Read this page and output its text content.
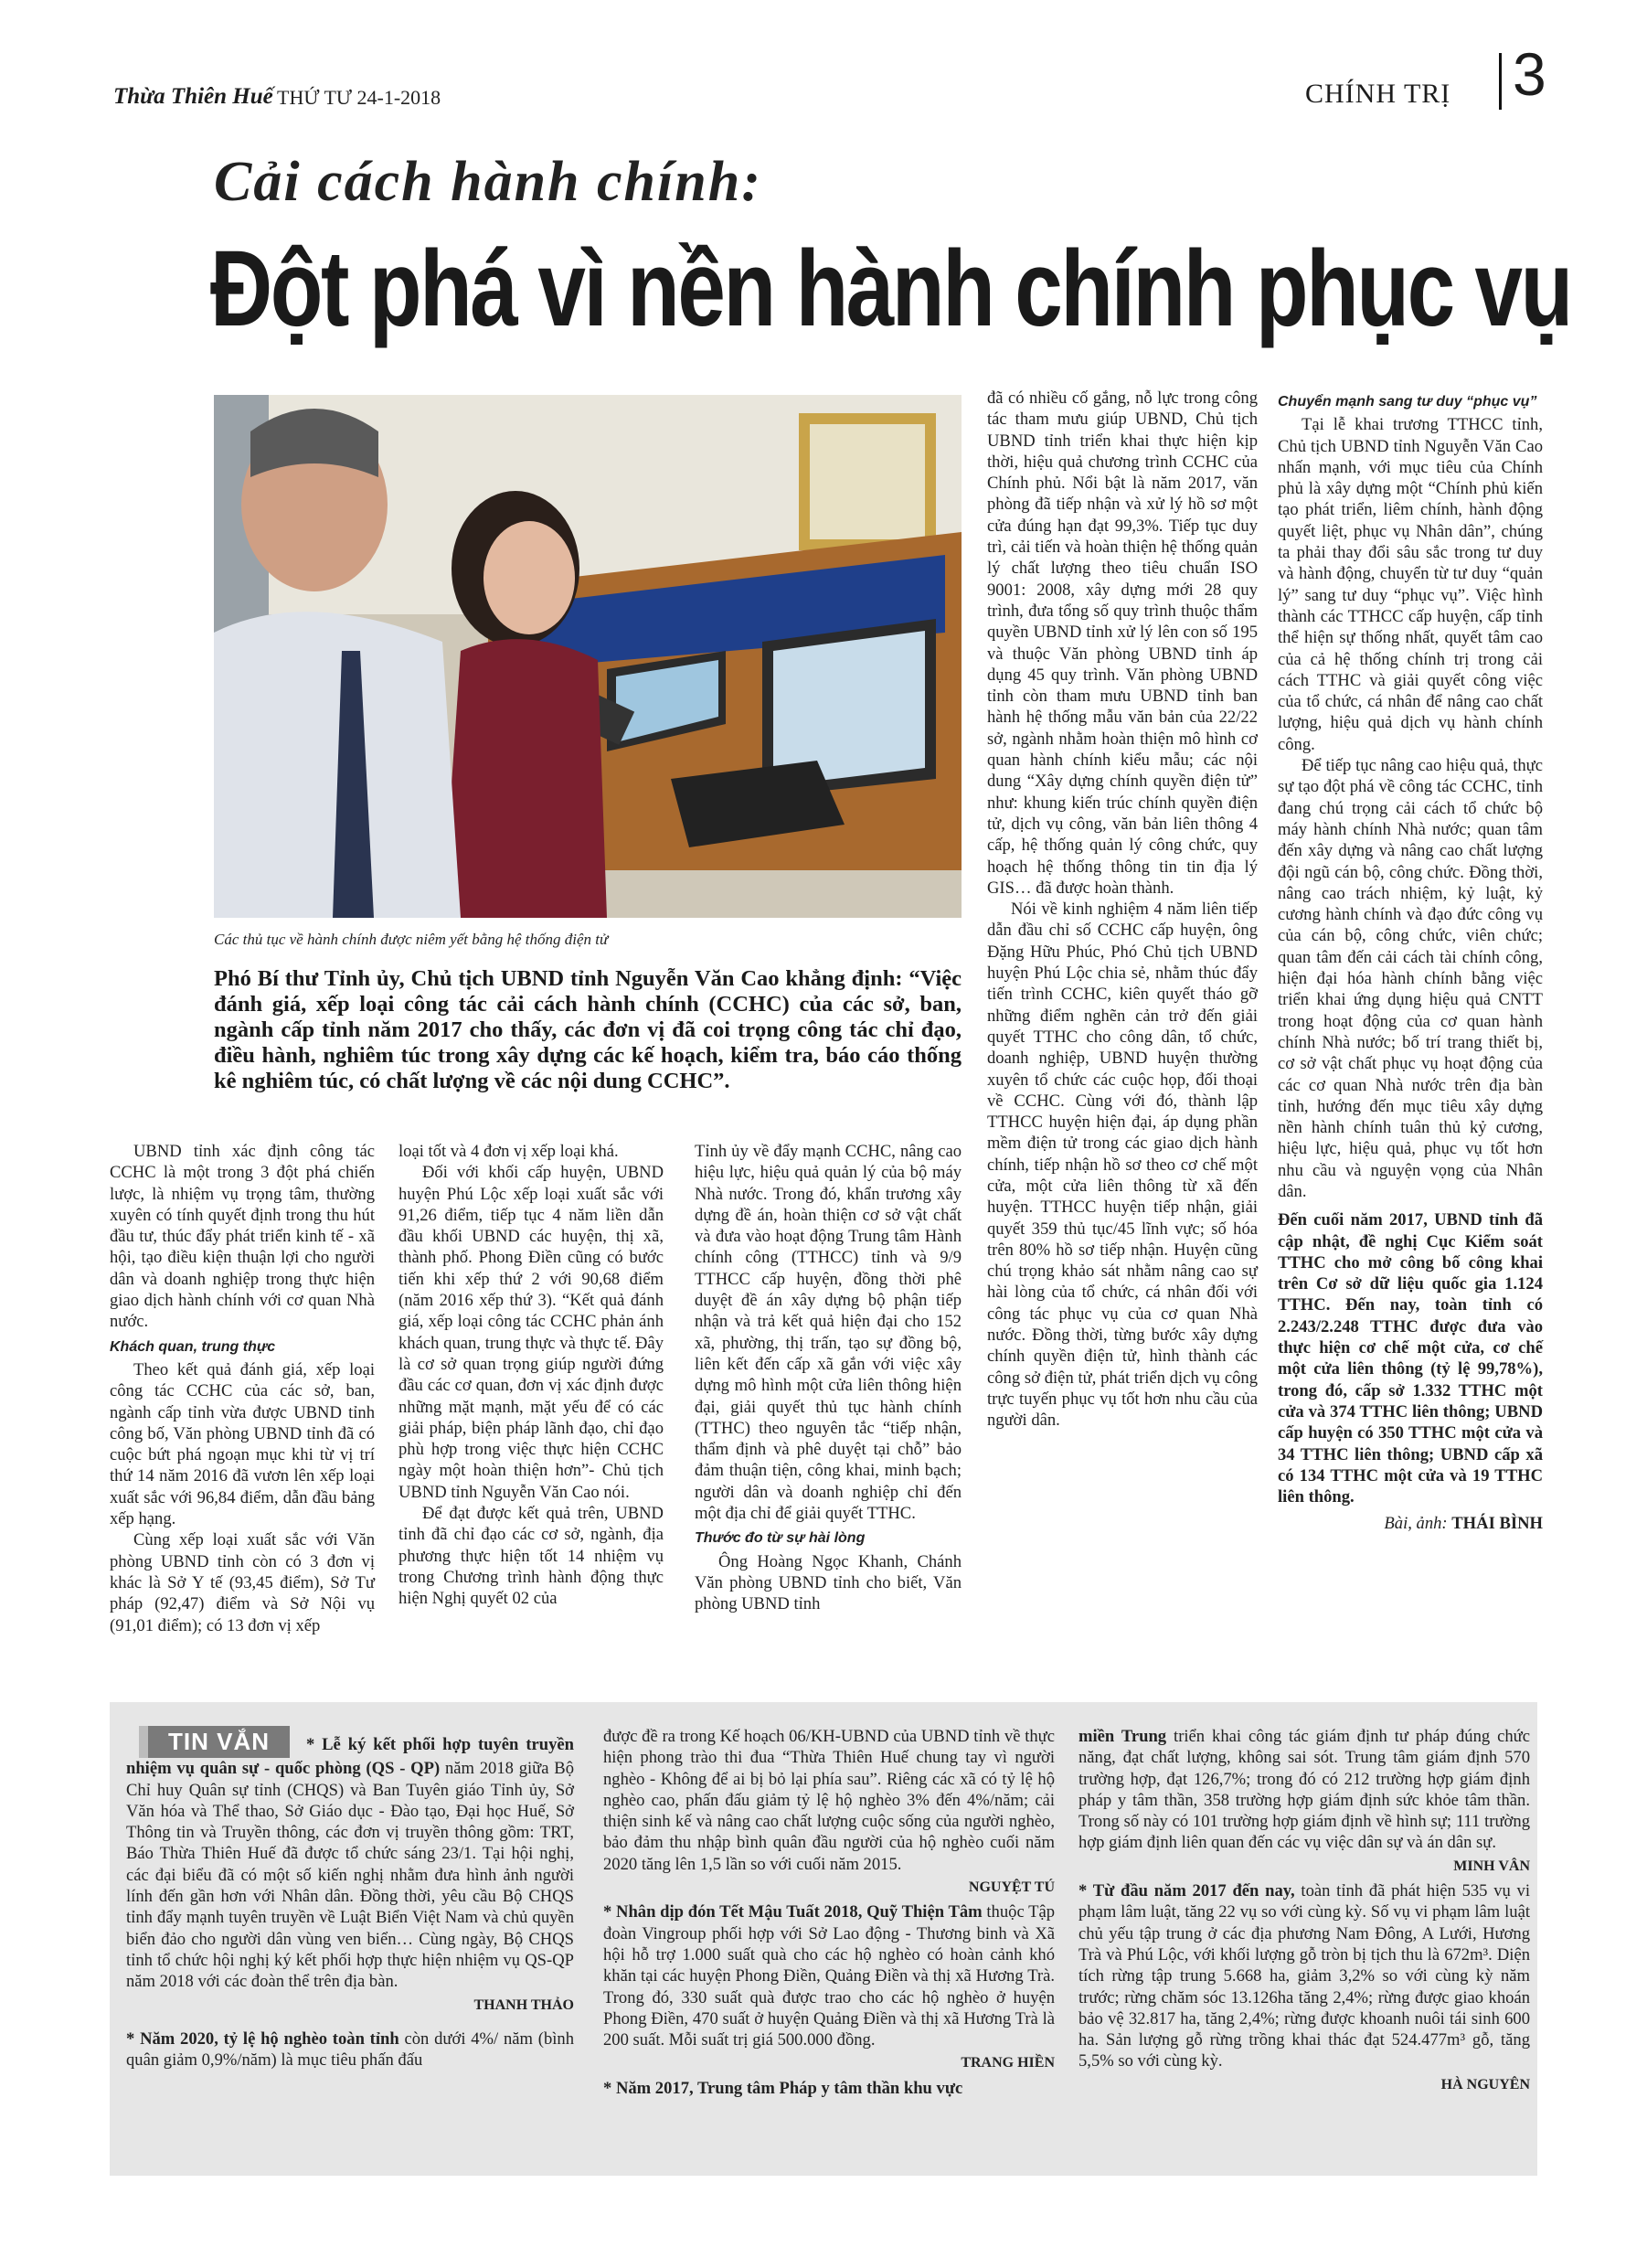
Thừa Thiên Huế THỨ TƯ 24-1-2018	CHÍNH TRỊ 3
Cải cách hành chính:
Đột phá vì nền hành chính phục vụ
Các thủ tục về hành chính được niêm yết bằng hệ thống điện tử
Phó Bí thư Tỉnh ủy, Chủ tịch UBND tỉnh Nguyễn Văn Cao khẳng định: “Việc đánh giá, xếp loại công tác cải cách hành chính (CCHC) của các sở, ban, ngành cấp tỉnh năm 2017 cho thấy, các đơn vị đã coi trọng công tác chỉ đạo, điều hành, nghiêm túc trong xây dựng các kế hoạch, kiểm tra, báo cáo thống kê nghiêm túc, có chất lượng về các nội dung CCHC”.

UBND tỉnh xác định công tác CCHC là một trong 3 đột phá chiến lược, là nhiệm vụ trọng tâm, thường xuyên có tính quyết định trong thu hút đầu tư, thúc đẩy phát triển kinh tế - xã hội, tạo điều kiện thuận lợi cho người dân và doanh nghiệp trong thực hiện giao dịch hành chính với cơ quan Nhà nước.

Khách quan, trung thực

Theo kết quả đánh giá, xếp loại công tác CCHC của các sở, ban, ngành cấp tỉnh vừa được UBND tỉnh công bố, Văn phòng UBND tỉnh đã có cuộc bứt phá ngoạn mục khi từ vị trí thứ 14 năm 2016 đã vươn lên xếp loại xuất sắc với 96,84 điểm, dẫn đầu bảng xếp hạng.

Cùng xếp loại xuất sắc với Văn phòng UBND tỉnh còn có 3 đơn vị khác là Sở Y tế (93,45 điểm), Sở Tư pháp (92,47) điểm và Sở Nội vụ (91,01 điểm); có 13 đơn vị xếp

loại tốt và 4 đơn vị xếp loại khá.

Đối với khối cấp huyện, UBND huyện Phú Lộc xếp loại xuất sắc với 91,26 điểm, tiếp tục 4 năm liền dẫn đầu khối UBND các huyện, thị xã, thành phố. Phong Điền cũng có bước tiến khi xếp thứ 2 với 90,68 điểm (năm 2016 xếp thứ 3). “Kết quả đánh giá, xếp loại công tác CCHC phản ánh khách quan, trung thực và thực tế. Đây là cơ sở quan trọng giúp người đứng đầu các cơ quan, đơn vị xác định được những mặt mạnh, mặt yếu để có các giải pháp, biện pháp lãnh đạo, chỉ đạo phù hợp trong việc thực hiện CCHC ngày một hoàn thiện hơn”- Chủ tịch UBND tỉnh Nguyễn Văn Cao nói.

Để đạt được kết quả trên, UBND tỉnh đã chỉ đạo các cơ sở, ngành, địa phương thực hiện tốt 14 nhiệm vụ trong Chương trình hành động thực hiện Nghị quyết 02 của

Tỉnh ủy về đẩy mạnh CCHC, nâng cao hiệu lực, hiệu quả quản lý của bộ máy Nhà nước. Trong đó, khẩn trương xây dựng đề án, hoàn thiện cơ sở vật chất và đưa vào hoạt động Trung tâm Hành chính công (TTHCC) tỉnh và 9/9 TTHCC cấp huyện, đồng thời phê duyệt đề án xây dựng bộ phận tiếp nhận và trả kết quả hiện đại cho 152 xã, phường, thị trấn, tạo sự đồng bộ, liên kết đến cấp xã gắn với việc xây dựng mô hình một cửa liên thông hiện đại, giải quyết thủ tục hành chính (TTHC) theo nguyên tắc “tiếp nhận, thẩm định và phê duyệt tại chỗ” bảo đảm thuận tiện, công khai, minh bạch; người dân và doanh nghiệp chỉ đến một địa chỉ để giải quyết TTHC.

Thước đo từ sự hài lòng

Ông Hoàng Ngọc Khanh, Chánh Văn phòng UBND tỉnh cho biết, Văn phòng UBND tỉnh

đã có nhiều cố gắng, nỗ lực trong công tác tham mưu giúp UBND, Chủ tịch UBND tỉnh triển khai thực hiện kịp thời, hiệu quả chương trình CCHC của Chính phủ. Nổi bật là năm 2017, văn phòng đã tiếp nhận và xử lý hồ sơ một cửa đúng hạn đạt 99,3%. Tiếp tục duy trì, cải tiến và hoàn thiện hệ thống quản lý chất lượng theo tiêu chuẩn ISO 9001: 2008, xây dựng mới 28 quy trình, đưa tổng số quy trình thuộc thẩm quyền UBND tỉnh xử lý lên con số 195 và thuộc Văn phòng UBND tỉnh áp dụng 45 quy trình. Văn phòng UBND tỉnh còn tham mưu UBND tỉnh ban hành hệ thống mẫu văn bản của 22/22 sở, ngành nhằm hoàn thiện mô hình cơ quan hành chính kiểu mẫu; các nội dung “Xây dựng chính quyền điện tử” như: khung kiến trúc chính quyền điện tử, dịch vụ công, văn bản liên thông 4 cấp, hệ thống quản lý công chức, quy hoạch hệ thống thông tin tin địa lý GIS… đã được hoàn thành.

Nói về kinh nghiệm 4 năm liên tiếp dẫn đầu chỉ số CCHC cấp huyện, ông Đặng Hữu Phúc, Phó Chủ tịch UBND huyện Phú Lộc chia sẻ, nhằm thúc đẩy tiến trình CCHC, kiên quyết tháo gỡ những điểm nghẽn cản trở đến giải quyết TTHC cho công dân, tổ chức, doanh nghiệp, UBND huyện thường xuyên tổ chức các cuộc họp, đối thoại về CCHC. Cùng với đó, thành lập TTHCC huyện hiện đại, áp dụng phần mềm điện tử trong các giao dịch hành chính, tiếp nhận hồ sơ theo cơ chế một cửa, một cửa liên thông từ xã đến huyện. TTHCC huyện tiếp nhận, giải quyết 359 thủ tục/45 lĩnh vực; số hóa trên 80% hồ sơ tiếp nhận. Huyện cũng chú trọng khảo sát nhằm nâng cao sự hài lòng của tổ chức, cá nhân đối với công tác phục vụ của cơ quan Nhà nước. Đồng thời, từng bước xây dựng chính quyền điện tử, hình thành các công sở điện tử, phát triển dịch vụ công trực tuyến phục vụ tốt hơn nhu cầu của người dân.

Chuyển mạnh sang tư duy “phục vụ”

Tại lễ khai trương TTHCC tỉnh, Chủ tịch UBND tỉnh Nguyễn Văn Cao nhấn mạnh, với mục tiêu của Chính phủ là xây dựng một “Chính phủ kiến tạo phát triển, liêm chính, hành động quyết liệt, phục vụ Nhân dân”, chúng ta phải thay đổi sâu sắc trong tư duy và hành động, chuyển từ tư duy “quản lý” sang tư duy “phục vụ”. Việc hình thành các TTHCC cấp huyện, cấp tỉnh thể hiện sự thống nhất, quyết tâm cao của cả hệ thống chính trị trong cải cách TTHC và giải quyết công việc của tổ chức, cá nhân để nâng cao chất lượng, hiệu quả dịch vụ hành chính công.

Để tiếp tục nâng cao hiệu quả, thực sự tạo đột phá về công tác CCHC, tỉnh đang chú trọng cải cách tổ chức bộ máy hành chính Nhà nước; quan tâm đến xây dựng và nâng cao chất lượng đội ngũ cán bộ, công chức. Đồng thời, nâng cao trách nhiệm, kỷ luật, kỷ cương hành chính và đạo đức công vụ của cán bộ, công chức, viên chức; quan tâm đến cải cách tài chính công, hiện đại hóa hành chính bằng việc triển khai ứng dụng hiệu quả CNTT trong hoạt động của cơ quan hành chính Nhà nước; bố trí trang thiết bị, cơ sở vật chất phục vụ hoạt động của các cơ quan Nhà nước trên địa bàn tỉnh, hướng đến mục tiêu xây dựng nền hành chính tuân thủ kỷ cương, hiệu lực, hiệu quả, phục vụ tốt hơn nhu cầu và nguyện vọng của Nhân dân.

Đến cuối năm 2017, UBND tỉnh đã cập nhật, đề nghị Cục Kiểm soát TTHC cho mở công bố công khai trên Cơ sở dữ liệu quốc gia 1.124 TTHC. Đến nay, toàn tỉnh có 2.243/2.248 TTHC được đưa vào thực hiện cơ chế một cửa, cơ chế một cửa liên thông (tỷ lệ 99,78%), trong đó, cấp sở 1.332 TTHC một cửa và 374 TTHC liên thông; UBND cấp huyện có 350 TTHC một cửa và 34 TTHC liên thông; UBND cấp xã có 134 TTHC một cửa và 19 TTHC liên thông.

Bài, ảnh: THÁI BÌNH

TIN VẮN * Lễ ký kết phối hợp tuyên truyền nhiệm vụ quân sự - quốc phòng (QS - QP) năm 2018 giữa Bộ Chỉ huy Quân sự tỉnh (CHQS) và Ban Tuyên giáo Tỉnh ủy, Sở Văn hóa và Thể thao, Sở Giáo dục - Đào tạo, Đại học Huế, Sở Thông tin và Truyền thông, các đơn vị truyền thông gồm: TRT, Báo Thừa Thiên Huế đã được tổ chức sáng 23/1. Tại hội nghị, các đại biểu đã có một số kiến nghị nhằm đưa hình ảnh người lính đến gần hơn với Nhân dân. Đồng thời, yêu cầu Bộ CHQS tỉnh đẩy mạnh tuyên truyền về Luật Biển Việt Nam và chủ quyền biển đảo cho người dân vùng ven biển… Cùng ngày, Bộ CHQS tỉnh tổ chức hội nghị ký kết phối hợp thực hiện nhiệm vụ QS-QP năm 2018 với các đoàn thể trên địa bàn.

THANH THẢO

* Năm 2020, tỷ lệ hộ nghèo toàn tỉnh còn dưới 4%/ năm (bình quân giảm 0,9%/năm) là mục tiêu phấn đấu

được đề ra trong Kế hoạch 06/KH-UBND của UBND tỉnh về thực hiện phong trào thi đua “Thừa Thiên Huế chung tay vì người nghèo - Không để ai bị bỏ lại phía sau”. Riêng các xã có tỷ lệ hộ nghèo cao, phấn đấu giảm tỷ lệ hộ nghèo 3% đến 4%/năm; cải thiện sinh kế và nâng cao chất lượng cuộc sống của người nghèo, bảo đảm thu nhập bình quân đầu người của hộ nghèo cuối năm 2020 tăng lên 1,5 lần so với cuối năm 2015.

NGUYỆT TÚ

* Nhân dịp đón Tết Mậu Tuất 2018, Quỹ Thiện Tâm thuộc Tập đoàn Vingroup phối hợp với Sở Lao động - Thương binh và Xã hội hỗ trợ 1.000 suất quà cho các hộ nghèo có hoàn cảnh khó khăn tại các huyện Phong Điền, Quảng Điền và thị xã Hương Trà. Trong đó, 330 suất quà được trao cho các hộ nghèo ở huyện Phong Điền, 470 suất ở huyện Quảng Điền và thị xã Hương Trà là 200 suất. Mỗi suất trị giá 500.000 đồng.

TRANG HIỀN

* Năm 2017, Trung tâm Pháp y tâm thần khu vực

miền Trung triển khai công tác giám định tư pháp đúng chức năng, đạt chất lượng, không sai sót. Trung tâm giám định 570 trường hợp, đạt 126,7%; trong đó có 212 trường hợp giám định pháp y tâm thần, 358 trường hợp giám định sức khỏe tâm thần. Trong số này có 101 trường hợp giám định về hình sự; 111 trường hợp giám định liên quan đến các vụ việc dân sự và án dân sự.

MINH VÂN

* Từ đầu năm 2017 đến nay, toàn tỉnh đã phát hiện 535 vụ vi phạm lâm luật, tăng 22 vụ so với cùng kỳ. Số vụ vi phạm lâm luật chủ yếu tập trung ở các địa phương Nam Đông, A Lưới, Hương Trà và Phú Lộc, với khối lượng gỗ tròn bị tịch thu là 672m³. Diện tích rừng tập trung 5.668 ha, giảm 3,2% so với cùng kỳ năm trước; rừng chăm sóc 13.126ha tăng 2,4%; rừng được giao khoán bảo vệ 32.817 ha, tăng 2,4%; rừng được khoanh nuôi tái sinh 600 ha. Sản lượng gỗ rừng trồng khai thác đạt 524.477m³ gỗ, tăng 5,5% so với cùng kỳ.

HÀ NGUYÊN
